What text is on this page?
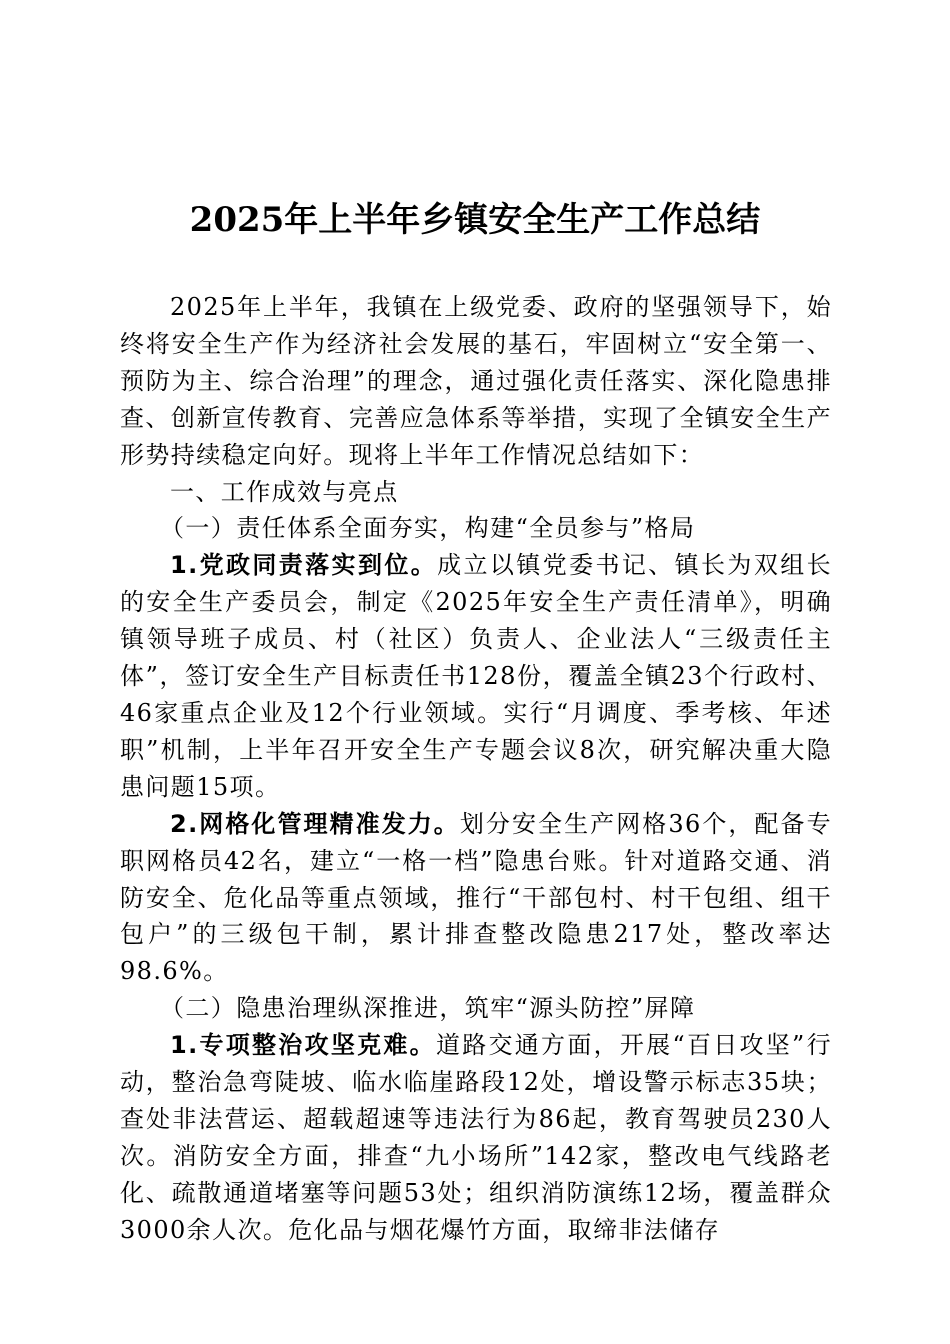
2025年上半年乡镇安全生产工作总结

2025年上半年，我镇在上级党委、政府的坚强领导下，始终将安全生产作为经济社会发展的基石，牢固树立“安全第一、预防为主、综合治理”的理念，通过强化责任落实、深化隐患排查、创新宣传教育、完善应急体系等举措，实现了全镇安全生产形势持续稳定向好。现将上半年工作情况总结如下：

一、工作成效与亮点

（一）责任体系全面夯实，构建“全员参与”格局

1.党政同责落实到位。成立以镇党委书记、镇长为双组长的安全生产委员会，制定《2025年安全生产责任清单》，明确镇领导班子成员、村（社区）负责人、企业法人“三级责任主体”，签订安全生产目标责任书128份，覆盖全镇23个行政村、46家重点企业及12个行业领域。实行“月调度、季考核、年述职”机制，上半年召开安全生产专题会议8次，研究解决重大隐患问题15项。

2.网格化管理精准发力。划分安全生产网格36个，配备专职网格员42名，建立“一格一档”隐患台账。针对道路交通、消防安全、危化品等重点领域，推行“干部包村、村干包组、组干包户”的三级包干制，累计排查整改隐患217处，整改率达98.6%。

（二）隐患治理纵深推进，筑牢“源头防控”屏障

1.专项整治攻坚克难。道路交通方面，开展“百日攻坚”行动，整治急弯陡坡、临水临崖路段12处，增设警示标志35块；查处非法营运、超载超速等违法行为86起，教育驾驶员230人次。消防安全方面，排查“九小场所”142家，整改电气线路老化、疏散通道堵塞等问题53处；组织消防演练12场，覆盖群众3000余人次。危化品与烟花爆竹方面，取缔非法储存
